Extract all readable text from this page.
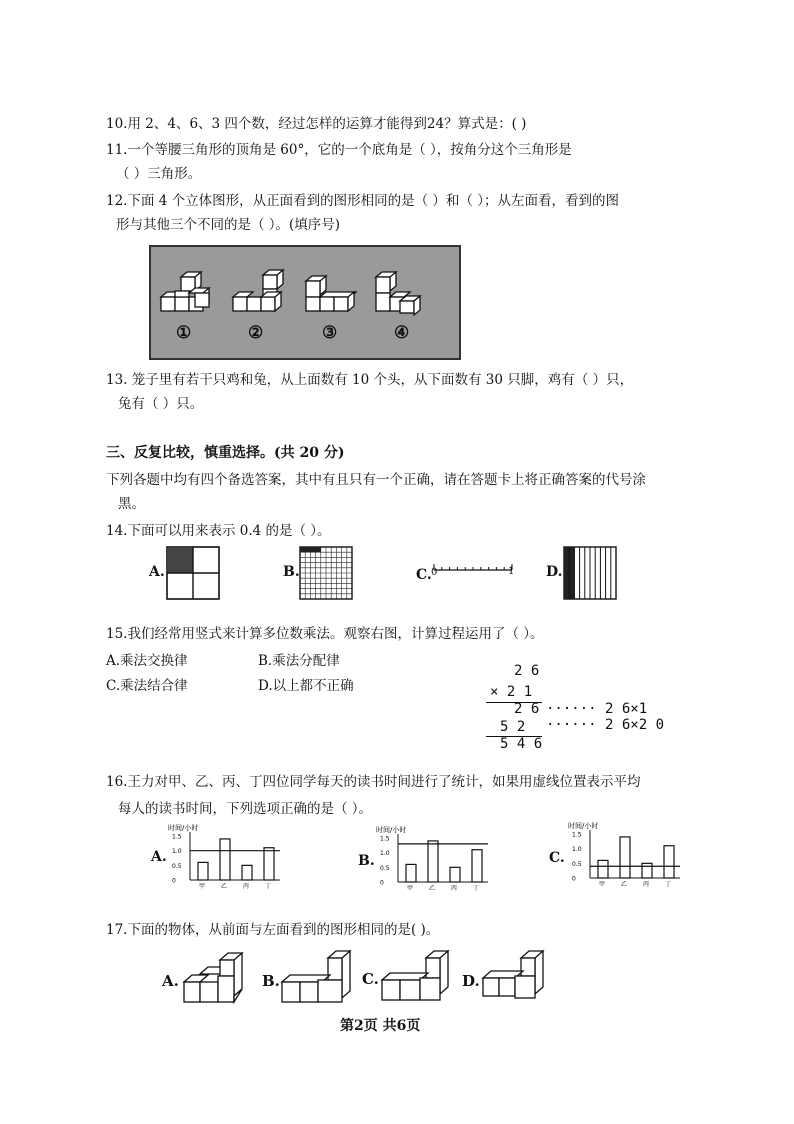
10.用 2、4、6、3 四个数，经过怎样的运算才能得到24？算式是：( )
11.一个等腰三角形的顶角是 60°，它的一个底角是（ ），按角分这个三角形是
（ ）三角形。
12.下面 4 个立体图形，从正面看到的图形相同的是（ ）和（ ）；从左面看，看到的图
形与其他三个不同的是（ ）。(填序号)
①	②	③	④
13. 笼子里有若干只鸡和兔，从上面数有 10 个头，从下面数有 30 只脚，鸡有（ ）只，
兔有（ ）只。
三、反复比较，慎重选择。(共 20 分)
下列各题中均有四个备选答案，其中有且只有一个正确，请在答题卡上将正确答案的代号涂
黑。
14.下面可以用来表示 0.4 的是（ ）。
A.	B.	C. 0	1 D.
15.我们经常用竖式来计算多位数乘法。观察右图，计算过程运用了（ ）。
A.乘法交换律	B.乘法分配律
C.乘法结合律	D.以上都不正确
2 6
× 2 1
2 6 ······ 2 6×1
5 2 ······ 2 6×2 0
5 4 6
16.王力对甲、乙、丙、丁四位同学每天的读书时间进行了统计，如果用虚线位置表示平均
每人的读书时间，下列选项正确的是（ ）。
A.
时间/小时
1.5
1.0
0.5
0
甲	乙	丙	丁
B.
时间/小时
1.5
1.0
0.5
0
甲	乙	丙	丁
C.
时间/小时
1.5
1.0
0.5
0
甲	乙	丙	丁
17.下面的物体，从前面与左面看到的图形相同的是( )。
A.	B.	C.	D.
第2页 共6页
